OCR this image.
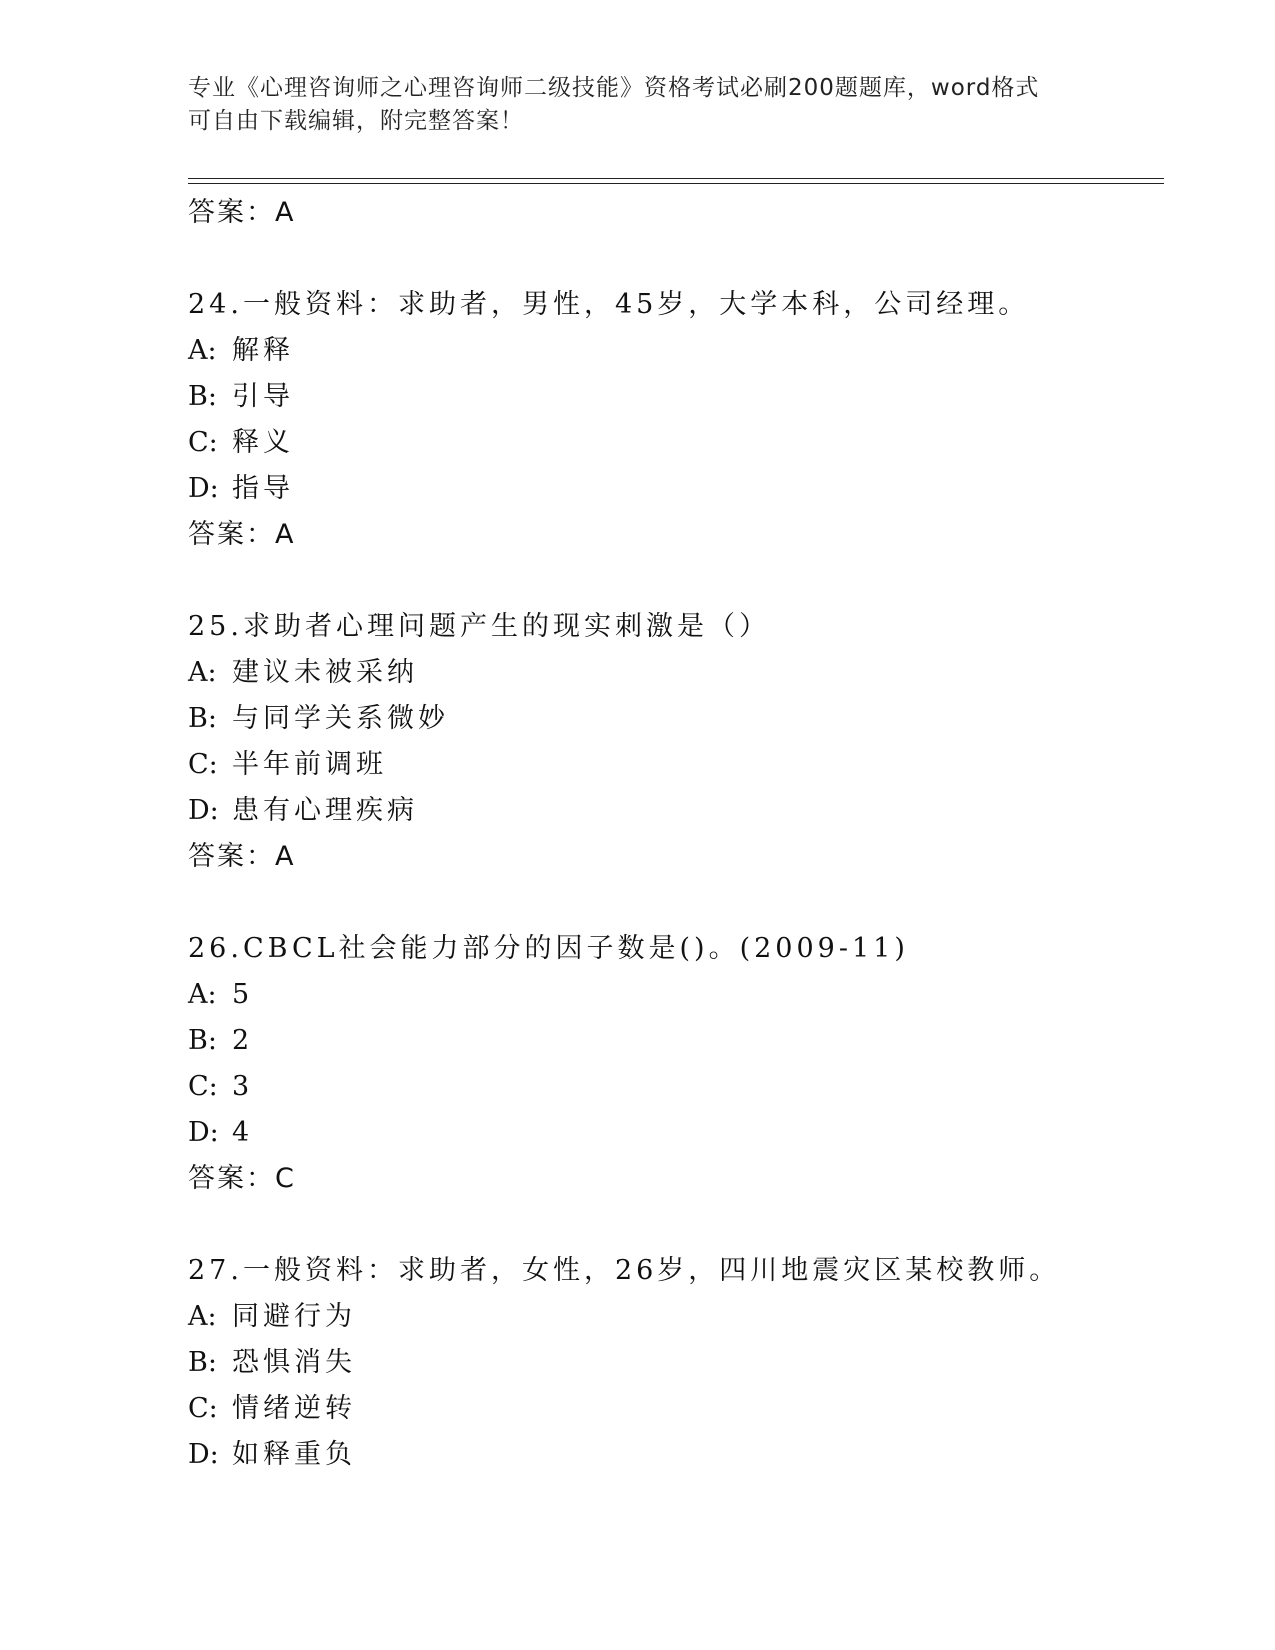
专业《心理咨询师之心理咨询师二级技能》资格考试必刷200题题库，word格式
可自由下载编辑，附完整答案！
答案：A
24.一般资料：求助者，男性，45岁，大学本科，公司经理。
A: 解释
B: 引导
C: 释义
D: 指导
答案：A
25.求助者心理问题产生的现实刺激是（）
A: 建议未被采纳
B: 与同学关系微妙
C: 半年前调班
D: 患有心理疾病
答案：A
26.CBCL社会能力部分的因子数是()。(2009-11)
A: 5
B: 2
C: 3
D: 4
答案：C
27.一般资料：求助者，女性，26岁，四川地震灾区某校教师。
A: 同避行为
B: 恐惧消失
C: 情绪逆转
D: 如释重负
